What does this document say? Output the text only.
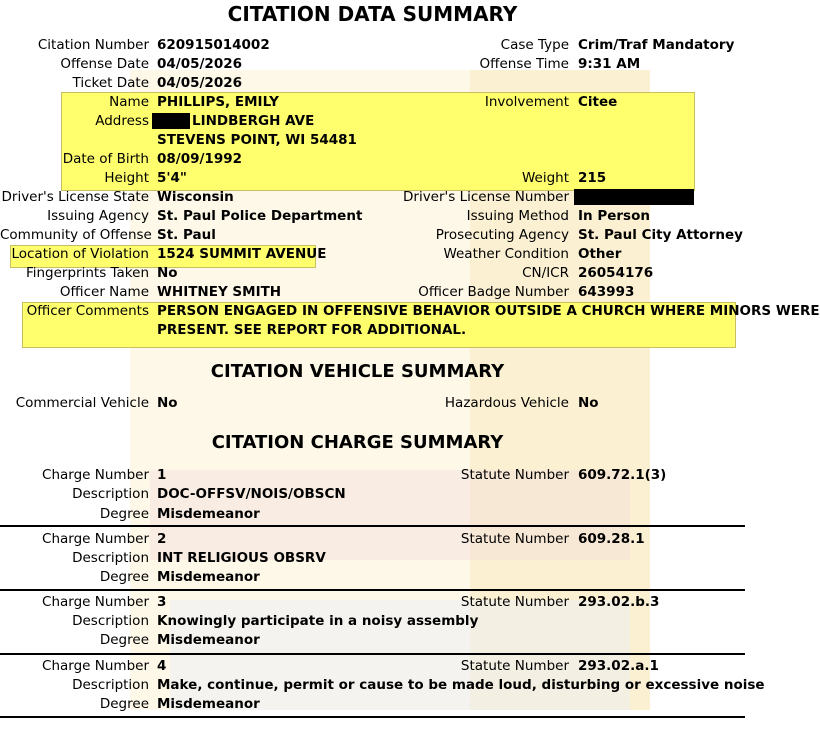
CITATION DATA SUMMARY
Citation Number 620915014002	Case Type Crim/Traf Mandatory
Offense Date 04/05/2026	Offense Time 9:31 AM
Ticket Date 04/05/2026
Name PHILLIPS, EMILY	Involvement Citee
Address	LINDBERGH AVE
STEVENS POINT, WI 54481
Date of Birth 08/09/1992
Height 5'4"	Weight 215
Driver's License State Wisconsin	Driver's License Number
Issuing Agency St. Paul Police Department	Issuing Method In Person
Community of Offense St. Paul	Prosecuting Agency St. Paul City Attorney
Location of Violation 1524 SUMMIT AVENUE	Weather Condition Other
Fingerprints Taken No	CN/ICR 26054176
Officer Name WHITNEY SMITH	Officer Badge Number 643993
Officer Comments PERSON ENGAGED IN OFFENSIVE BEHAVIOR OUTSIDE A CHURCH WHERE MINORS WERE
PRESENT. SEE REPORT FOR ADDITIONAL.
CITATION VEHICLE SUMMARY
Commercial Vehicle No	Hazardous Vehicle No
CITATION CHARGE SUMMARY
Charge Number 1	Statute Number 609.72.1(3)
Description DOC-OFFSV/NOIS/OBSCN
Degree Misdemeanor
Charge Number 2	Statute Number 609.28.1
Description INT RELIGIOUS OBSRV
Degree Misdemeanor
Charge Number 3	Statute Number 293.02.b.3
Description Knowingly participate in a noisy assembly
Degree Misdemeanor
Charge Number 4	Statute Number 293.02.a.1
Description Make, continue, permit or cause to be made loud, disturbing or excessive noise
Degree Misdemeanor
